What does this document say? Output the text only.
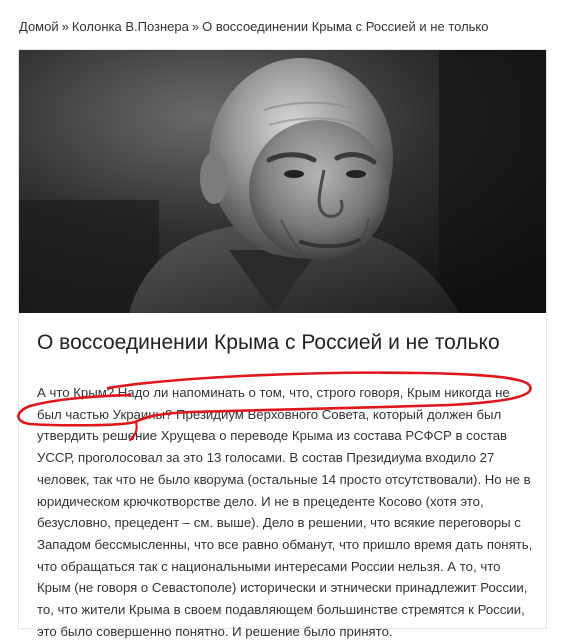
Домой » Колонка В.Познера » О воссоединении Крыма с Россией и не только
О воссоединении Крыма с Россией и не только

А что Крым? Надо ли напоминать о том, что, строго говоря, Крым никогда не был частью Украины? Президиум Верховного Совета, который должен был утвердить решение Хрущева о переводе Крыма из состава РСФСР в состав УССР, проголосовал за это 13 голосами. В состав Президиума входило 27 человек, так что не было кворума (остальные 14 просто отсутствовали). Но не в юридическом крючкотворстве дело. И не в прецеденте Косово (хотя это, безусловно, прецедент – см. выше). Дело в решении, что всякие переговоры с Западом бессмысленны, что все равно обманут, что пришло время дать понять, что обращаться так с национальными интересами России нельзя. А то, что Крым (не говоря о Севастополе) исторически и этнически принадлежит России, то, что жители Крыма в своем подавляющем большинстве стремятся к России, это было совершенно понятно. И решение было принято.
